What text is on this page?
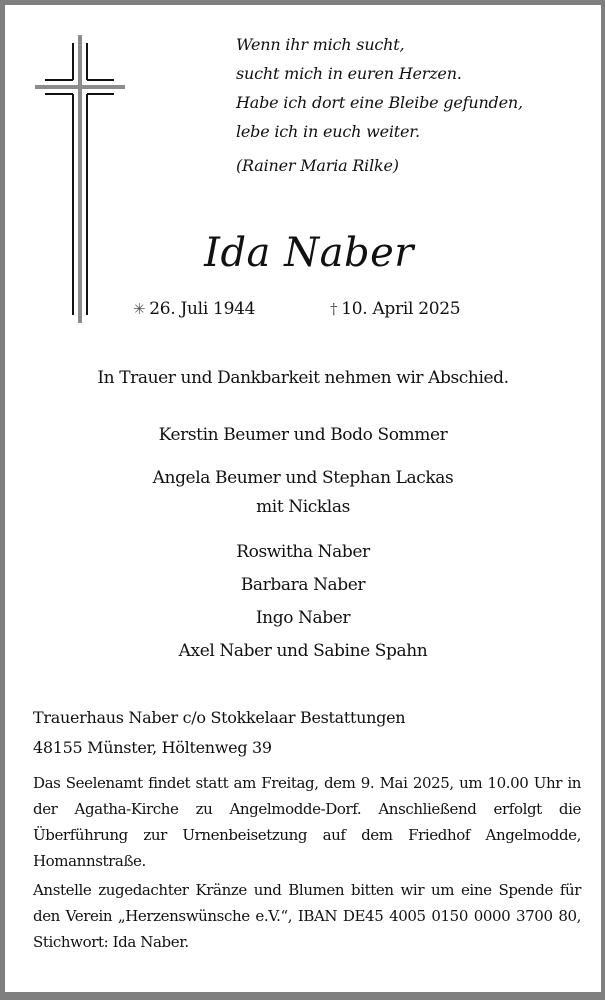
Wenn ihr mich sucht,
sucht mich in euren Herzen.
Habe ich dort eine Bleibe gefunden,
lebe ich in euch weiter.
(Rainer Maria Rilke)
Ida Naber
✳ 26. Juli 1944	† 10. April 2025
In Trauer und Dankbarkeit nehmen wir Abschied.
Kerstin Beumer und Bodo Sommer
Angela Beumer und Stephan Lackas
mit Nicklas
Roswitha Naber
Barbara Naber
Ingo Naber
Axel Naber und Sabine Spahn
Trauerhaus Naber c/o Stokkelaar Bestattungen
48155 Münster, Höltenweg 39
Das Seelenamt findet statt am Freitag, dem 9. Mai 2025, um 10.00 Uhr in der Agatha-Kirche zu Angelmodde-Dorf. Anschließend erfolgt die Überführung zur Urnenbeisetzung auf dem Friedhof Angelmodde, Homannstraße.
Anstelle zugedachter Kränze und Blumen bitten wir um eine Spende für den Verein „Herzenswünsche e.V.“, IBAN DE45 4005 0150 0000 3700 80, Stichwort: Ida Naber.
